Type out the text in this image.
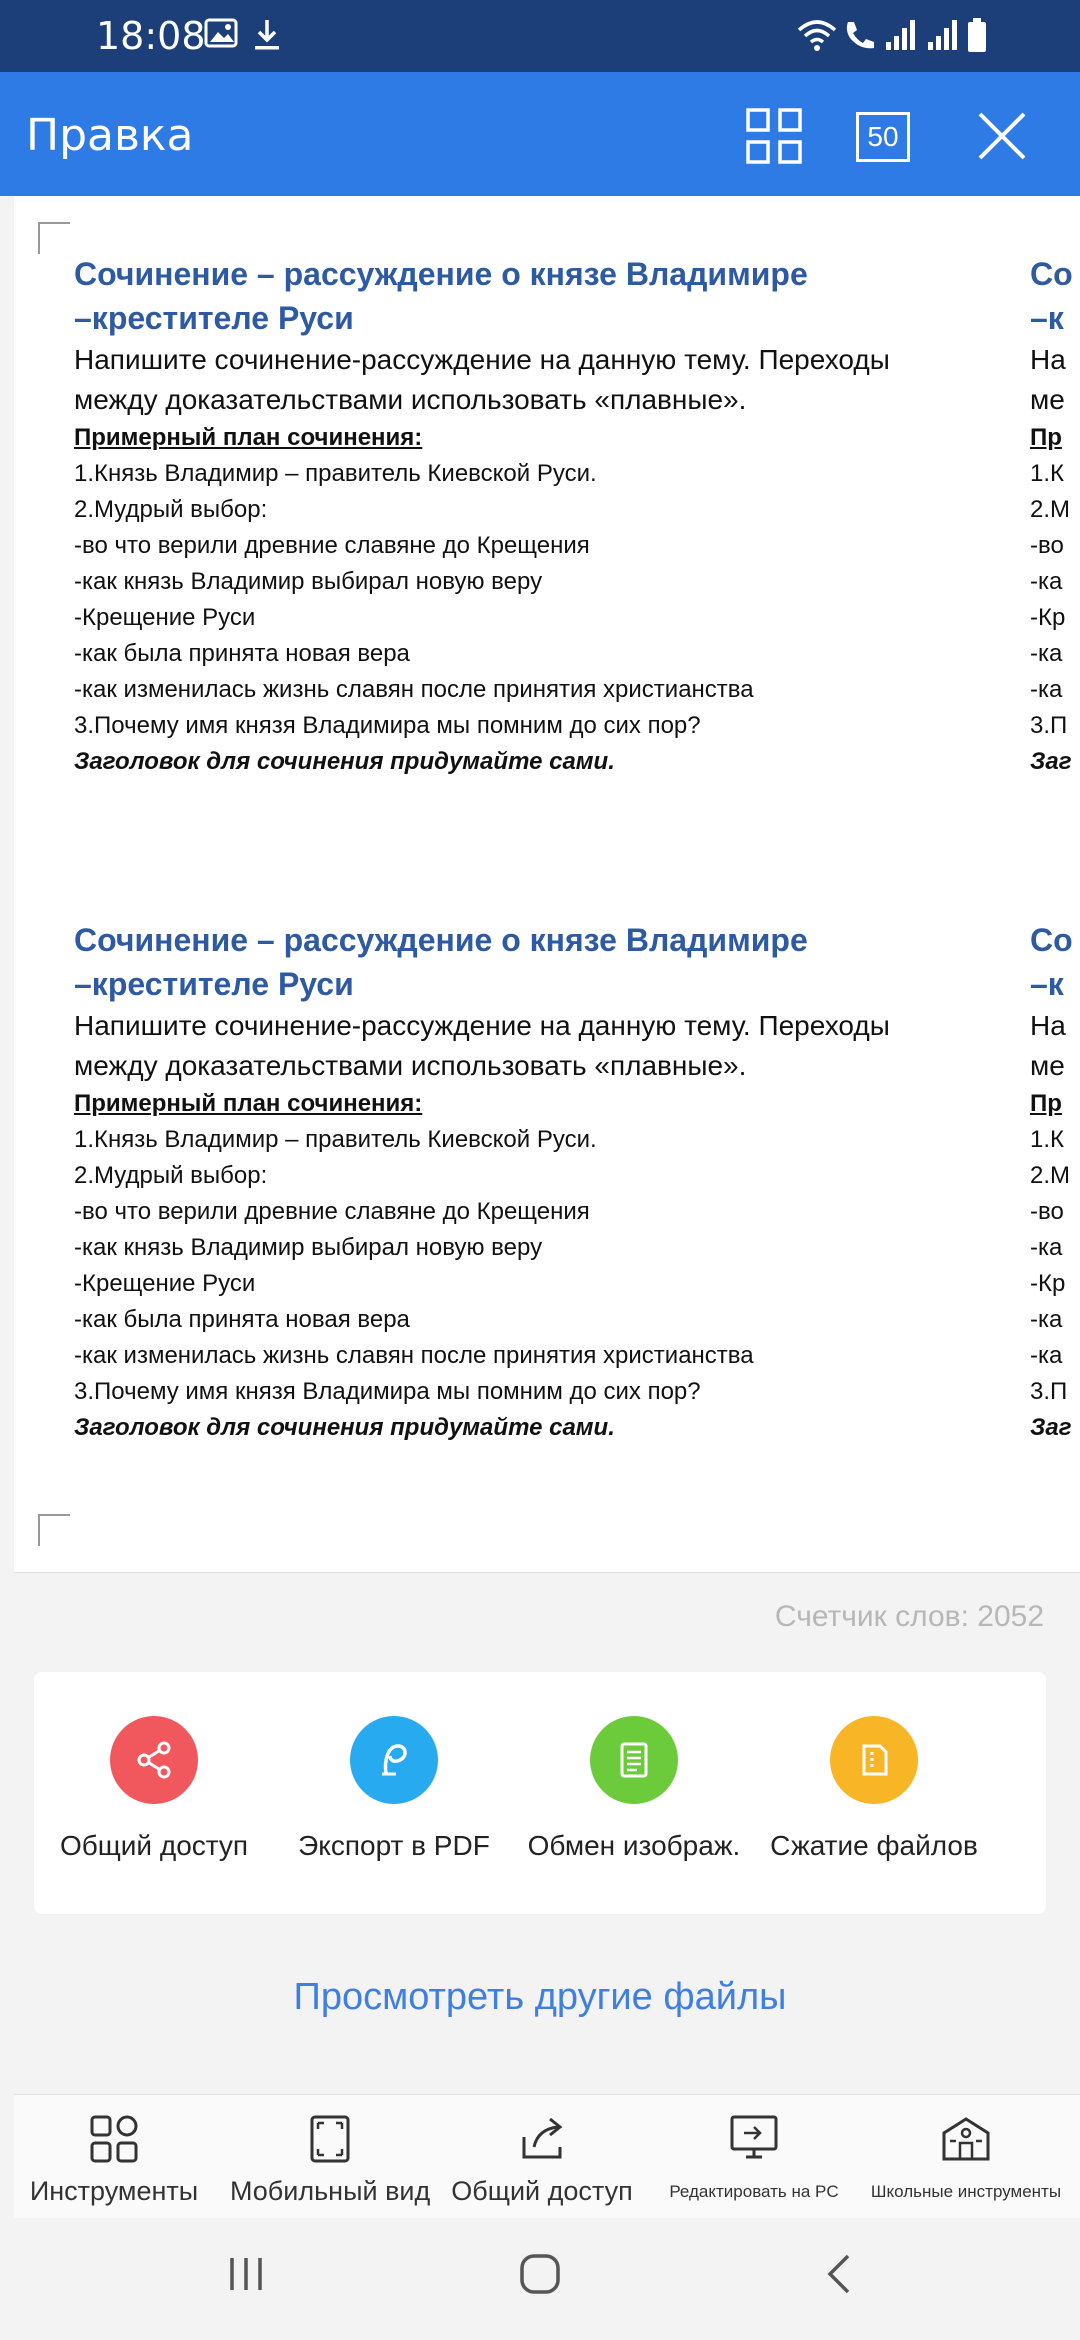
18:08
Правка	50
Сочинение – рассуждение о князе Владимире
–крестителе Руси
Напишите сочинение-рассуждение на данную тему. Переходы
между доказательствами использовать «плавные».
Примерный план сочинения:
1.Князь Владимир – правитель Киевской Руси.
2.Мудрый выбор:
-во что верили древние славяне до Крещения
-как князь Владимир выбирал новую веру
-Крещение Руси
-как была принята новая вера
-как изменилась жизнь славян после принятия христианства
3.Почему имя князя Владимира мы помним до сих пор?
Заголовок для сочинения придумайте сами.
Сочинение – рассуждение о князе Владимире
–крестителе Руси
Напишите сочинение-рассуждение на данную тему. Переходы
между доказательствами использовать «плавные».
Примерный план сочинения:
1.Князь Владимир – правитель Киевской Руси.
2.Мудрый выбор:
-во что верили древние славяне до Крещения
-как князь Владимир выбирал новую веру
-Крещение Руси
-как была принята новая вера
-как изменилась жизнь славян после принятия христианства
3.Почему имя князя Владимира мы помним до сих пор?
Заголовок для сочинения придумайте сами.
Со
–к
На
ме
Пр
1.К
2.М
-во
-ка
-Кр
-ка
-ка
3.П
Заг
Со
–к
На
ме
Пр
1.К
2.М
-во
-ка
-Кр
-ка
-ка
3.П
Заг
Счетчик слов: 2052
Общий доступ	Экспорт в PDF	Обмен изображ.	Сжатие файлов
Просмотреть другие файлы
Инструменты	Мобильный вид Общий доступ	Редактировать на PC	Школьные инструменты
